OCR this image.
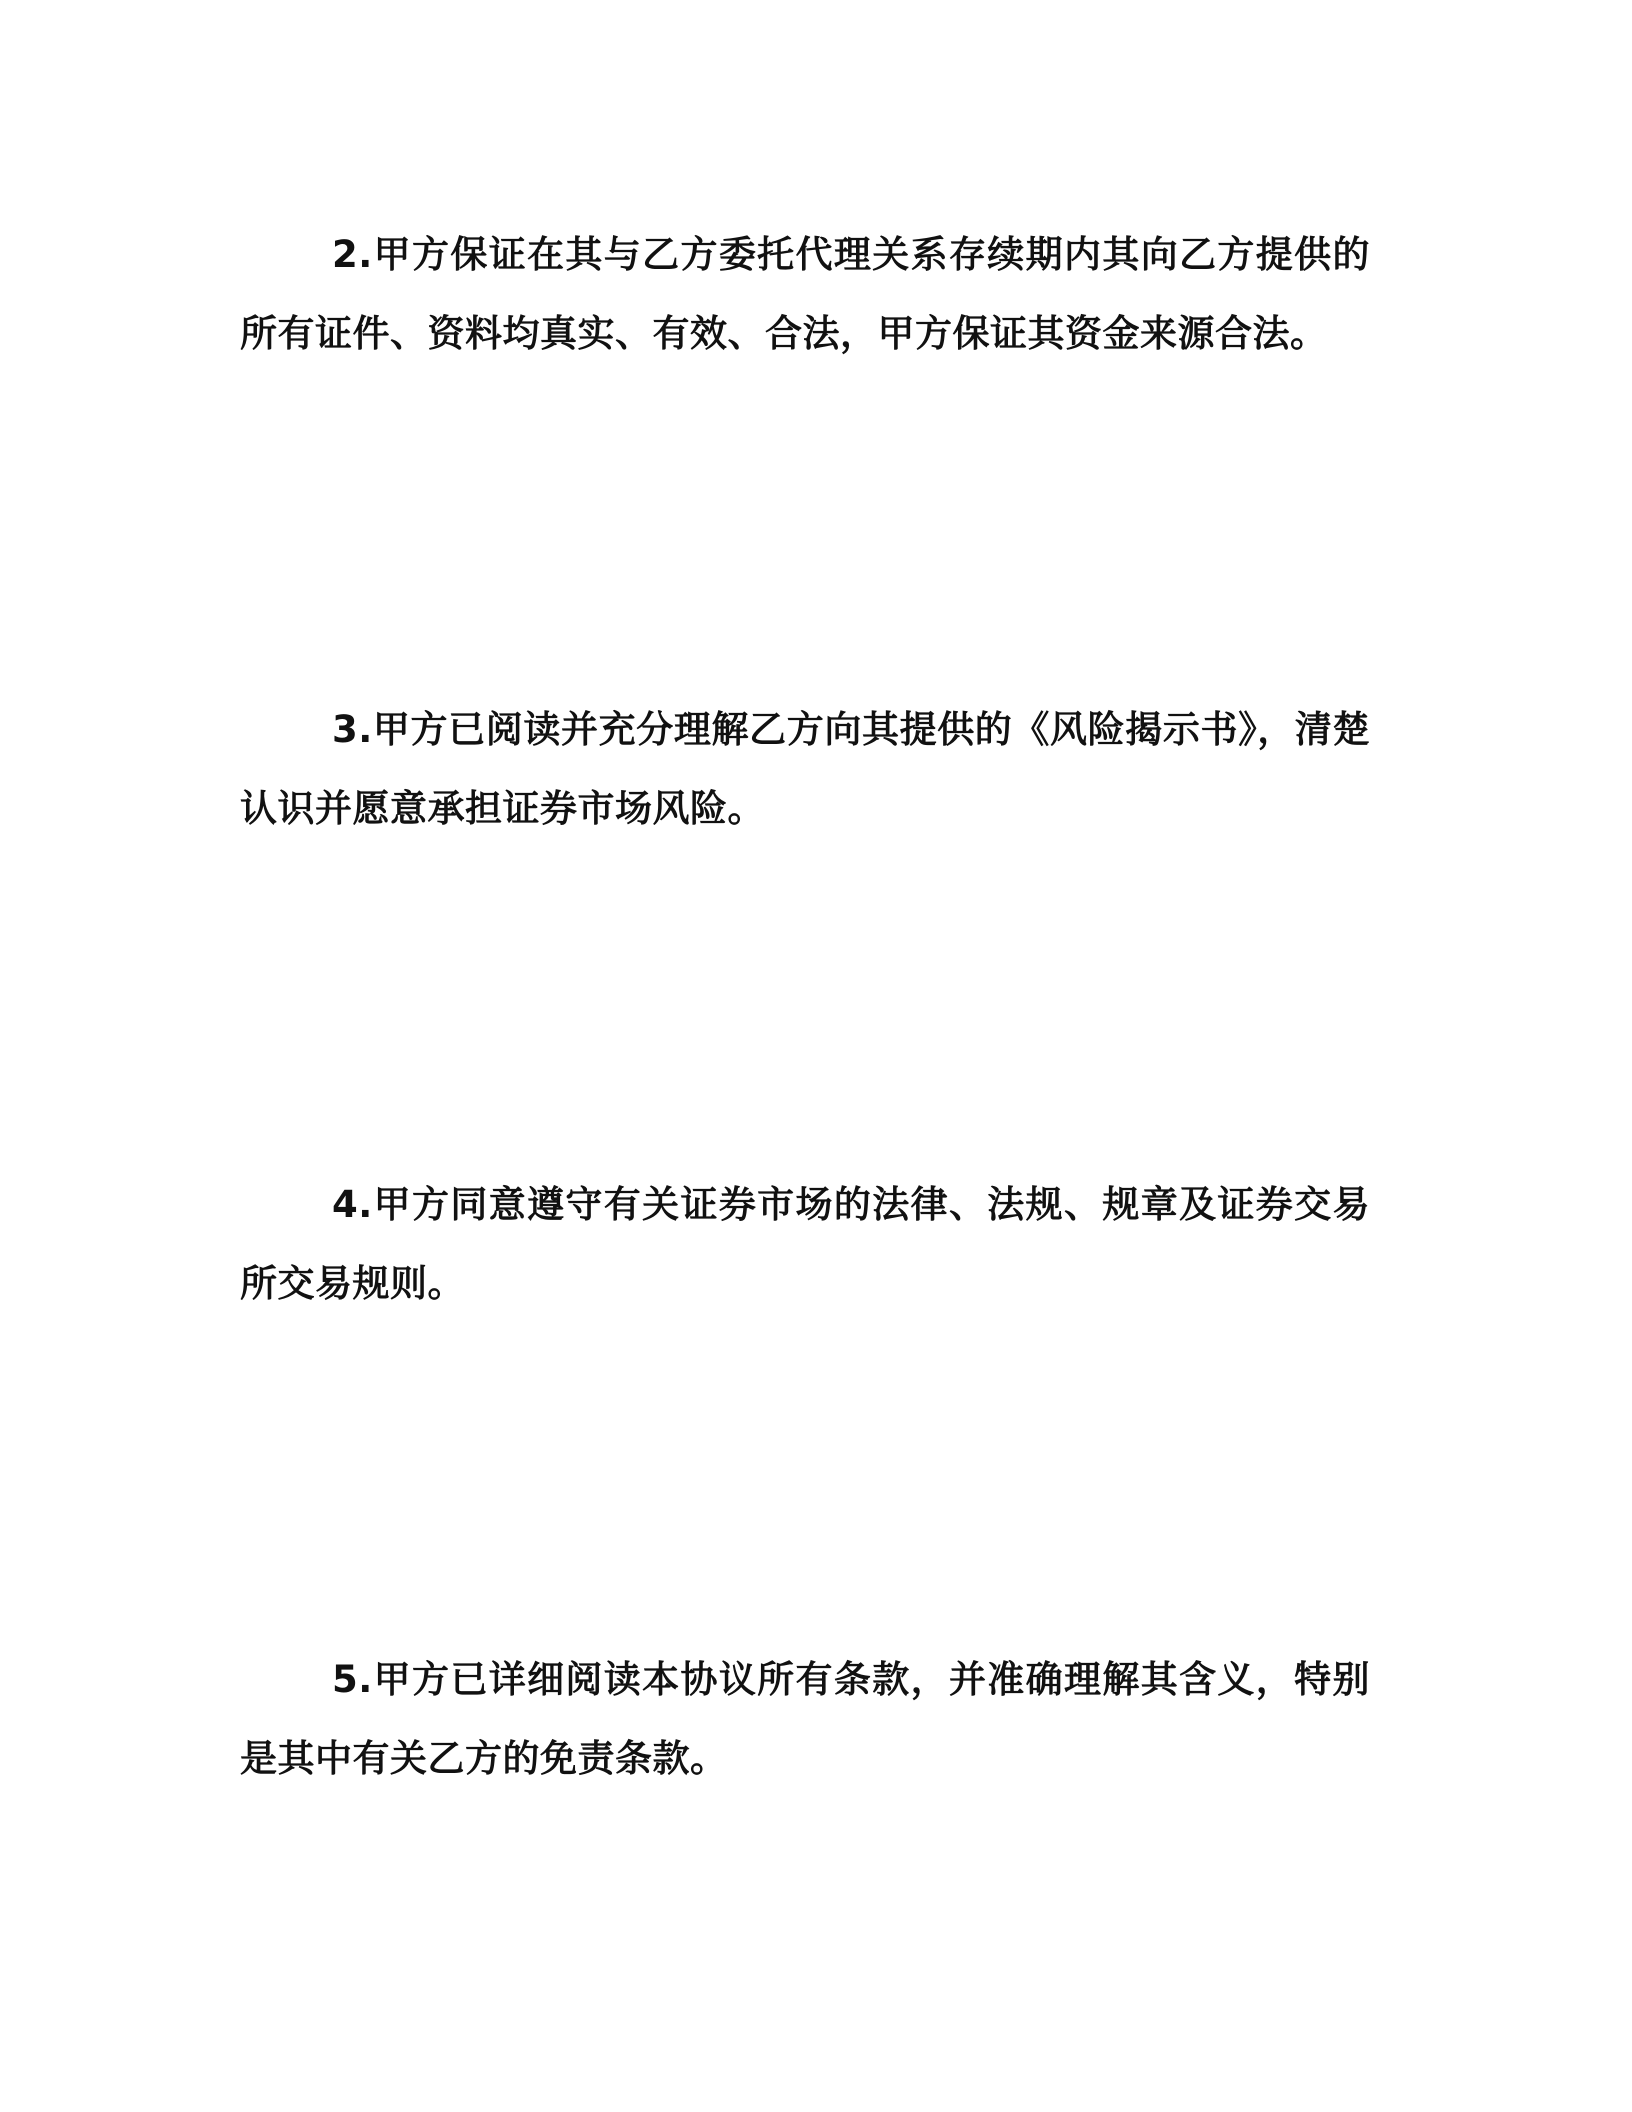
2.甲方保证在其与乙方委托代理关系存续期内其向乙方提供的所有证件、资料均真实、有效、合法，甲方保证其资金来源合法。

3.甲方已阅读并充分理解乙方向其提供的《风险揭示书》，清楚认识并愿意承担证券市场风险。

4.甲方同意遵守有关证券市场的法律、法规、规章及证券交易所交易规则。

5.甲方已详细阅读本协议所有条款，并准确理解其含义，特别是其中有关乙方的免责条款。
